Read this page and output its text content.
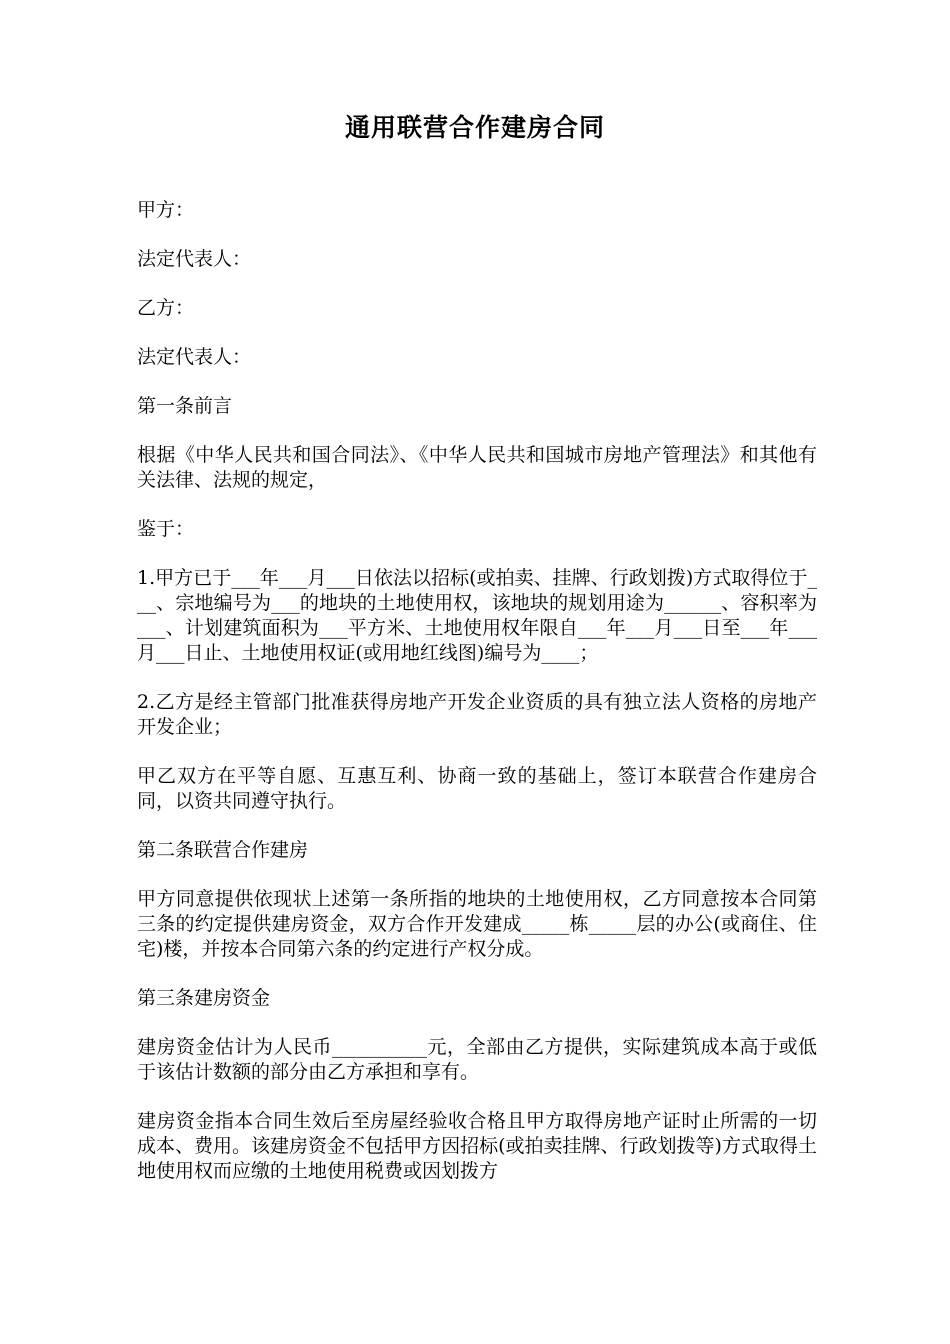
通用联营合作建房合同

甲方：

法定代表人：

乙方：

法定代表人：

第一条前言

根据《中华人民共和国合同法》、《中华人民共和国城市房地产管理法》和其他有关法律、法规的规定，

鉴于：

1.甲方已于___年___月___日依法以招标(或拍卖、挂牌、行政划拨)方式取得位于___、宗地编号为___的地块的土地使用权，该地块的规划用途为______、容积率为___、计划建筑面积为___平方米、土地使用权年限自___年___月___日至___年___月___日止、土地使用权证(或用地红线图)编号为____；

2.乙方是经主管部门批准获得房地产开发企业资质的具有独立法人资格的房地产开发企业；

甲乙双方在平等自愿、互惠互利、协商一致的基础上，签订本联营合作建房合同，以资共同遵守执行。

第二条联营合作建房

甲方同意提供依现状上述第一条所指的地块的土地使用权，乙方同意按本合同第三条的约定提供建房资金，双方合作开发建成_____栋_____层的办公(或商住、住宅)楼，并按本合同第六条的约定进行产权分成。

第三条建房资金

建房资金估计为人民币__________元，全部由乙方提供，实际建筑成本高于或低于该估计数额的部分由乙方承担和享有。

建房资金指本合同生效后至房屋经验收合格且甲方取得房地产证时止所需的一切成本、费用。该建房资金不包括甲方因招标(或拍卖挂牌、行政划拨等)方式取得土地使用权而应缴的土地使用税费或因划拨方
